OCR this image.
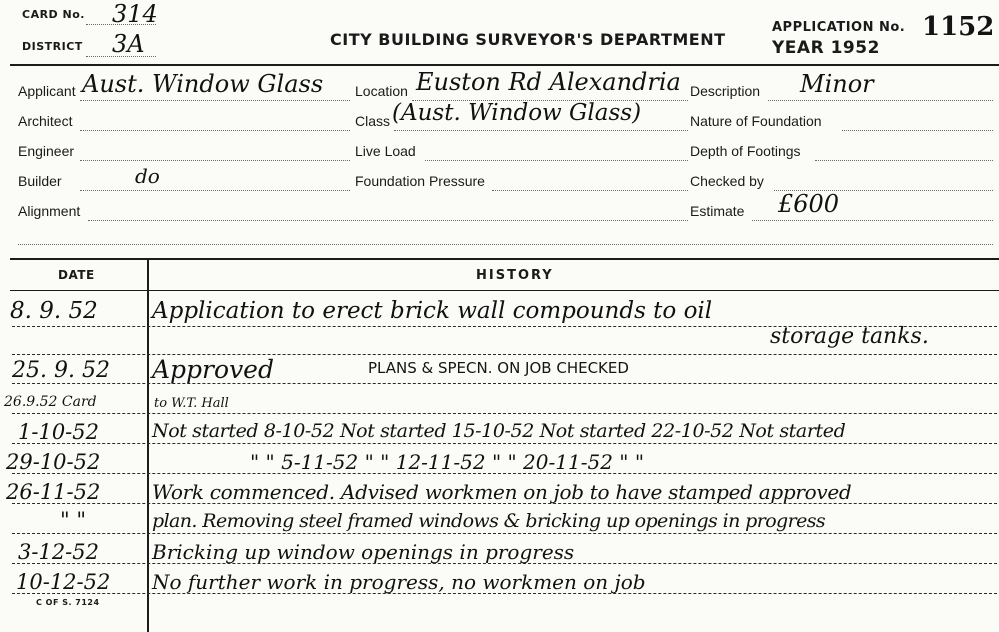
CARD No. 314
DISTRICT 3A	CITY BUILDING SURVEYOR'S DEPARTMENT
APPLICATION No. 1152
YEAR 1952
Applicant Aust. Window Glass Location Euston Rd Alexandria Description Minor
Architect	Class (Aust. Window Glass)	Nature of Foundation
Engineer	Live Load	Depth of Footings
Builder	do	Foundation Pressure	Checked by
Alignment	Estimate £600
DATE	HISTORY
8. 9. 52 Application to erect brick wall compounds to oil
storage tanks.
25. 9. 52 Approved	PLANS & SPECN. ON JOB CHECKED
26.9.52 Card	to W.T. Hall
1-10-52	Not started 8-10-52 Not started 15-10-52 Not started 22-10-52 Not started
29-10-52	" " 5-11-52 " " 12-11-52 " " 20-11-52 " "
26-11-52	Work commenced. Advised workmen on job to have stamped approved
" "	plan. Removing steel framed windows & bricking up openings in progress
3-12-52	Bricking up window openings in progress
10-12-52 No further work in progress, no workmen on job
C OF S. 7124
